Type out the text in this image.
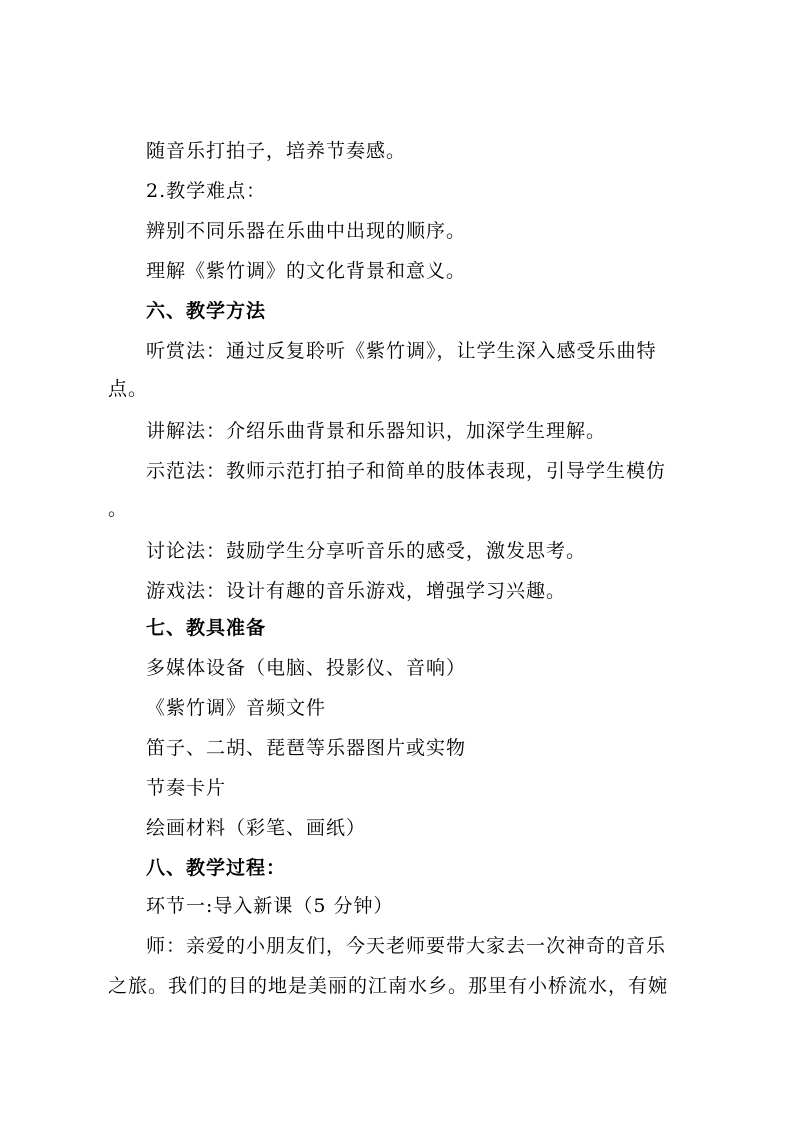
随音乐打拍子，培养节奏感。
2.教学难点：
辨别不同乐器在乐曲中出现的顺序。
理解《紫竹调》的文化背景和意义。
六、教学方法
听赏法：通过反复聆听《紫竹调》，让学生深入感受乐曲特
点。
讲解法：介绍乐曲背景和乐器知识，加深学生理解。
示范法：教师示范打拍子和简单的肢体表现，引导学生模仿
。
讨论法：鼓励学生分享听音乐的感受，激发思考。
游戏法：设计有趣的音乐游戏，增强学习兴趣。
七、教具准备
多媒体设备（电脑、投影仪、音响）
《紫竹调》音频文件
笛子、二胡、琵琶等乐器图片或实物
节奏卡片
绘画材料（彩笔、画纸）
八、教学过程：
环节一:导入新课（5 分钟）
师：亲爱的小朋友们，今天老师要带大家去一次神奇的音乐
之旅。我们的目的地是美丽的江南水乡。那里有小桥流水，有婉
